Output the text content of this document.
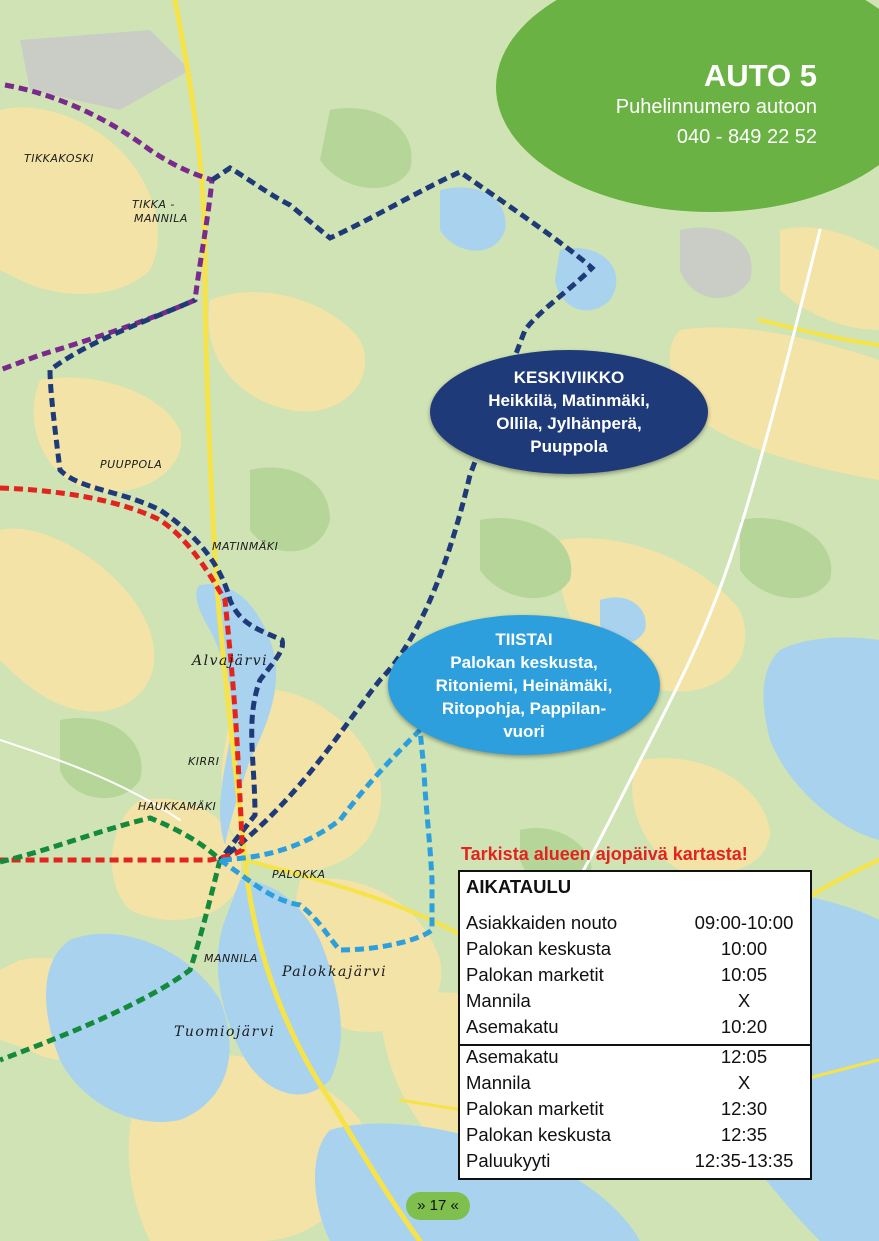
TIKKAKOSKI
TIKKA -
MANNILA
PUUPPOLA
MATINMÄKI
Alvajärvi
KIRRI
HAUKKAMÄKI
PALOKKA
MANNILA
Palokkajärvi
Tuomiojärvi
AUTO 5
Puhelinnumero autoon
040 - 849 22 52
KESKIVIIKKO
Heikkilä, Matinmäki,
Ollila, Jylhänperä,
Puuppola
TIISTAI
Palokan keskusta,
Ritoniemi, Heinämäki,
Ritopohja, Pappilan-
vuori
Tarkista alueen ajopäivä kartasta!
AIKATAULU
Asiakkaiden nouto	09:00-10:00
Palokan keskusta	10:00
Palokan marketit	10:05
Mannila	X
Asemakatu	10:20
Asemakatu	12:05
Mannila	X
Palokan marketit	12:30
Palokan keskusta	12:35
Paluukyyti	12:35-13:35
» 17 «
